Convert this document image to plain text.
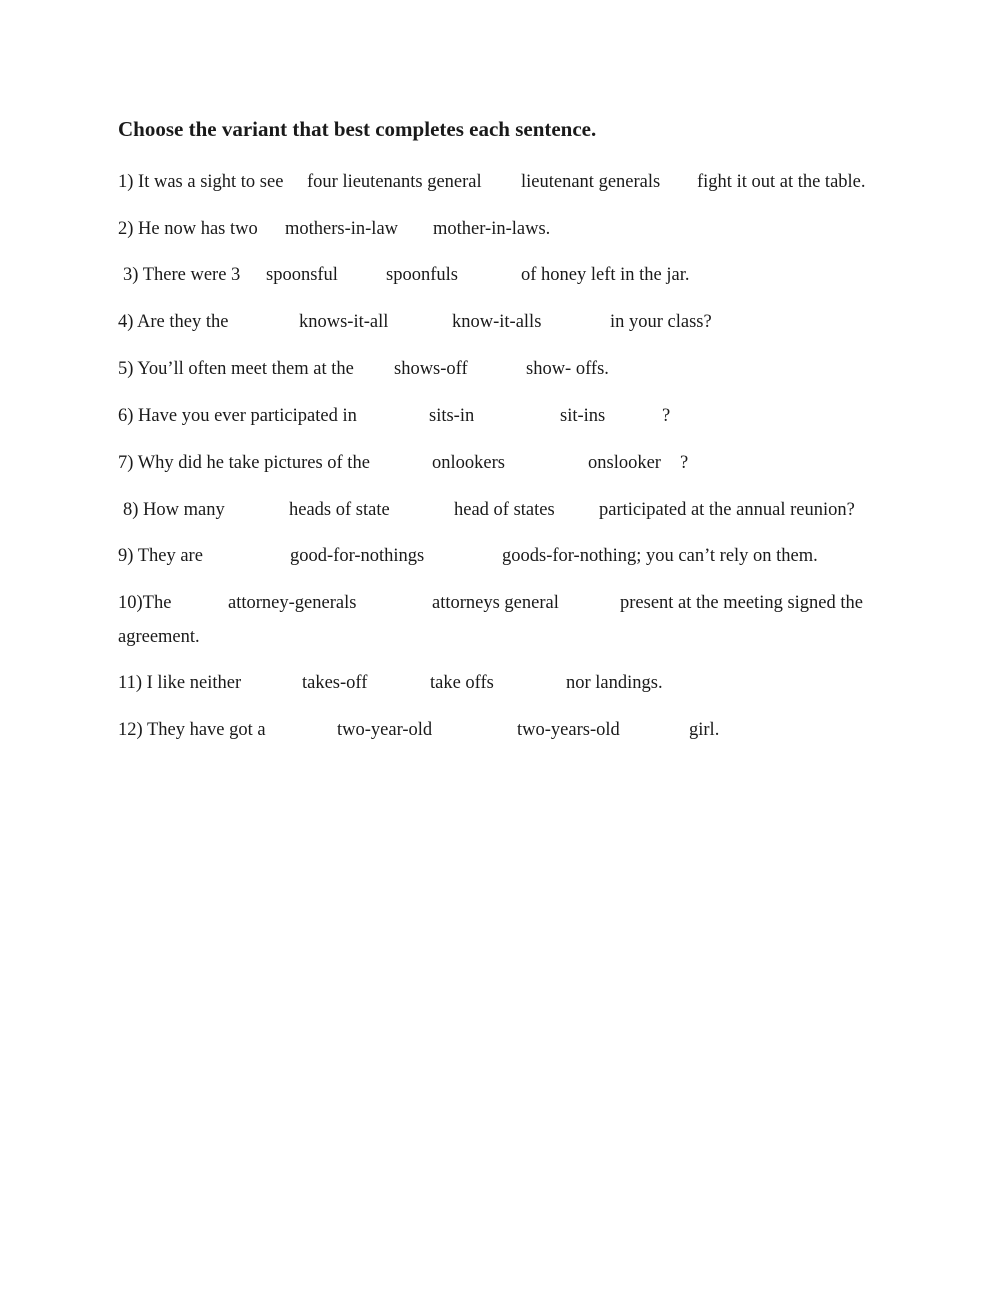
Choose the variant that best completes each sentence.
1) It was a sight to see four lieutenants general lieutenant generals fight it out at the table.
2) He now has two mothers-in-law mother-in-laws.
3) There were 3 spoonsful	spoonfuls	of honey left in the jar.
4) Are they the	knows-it-all	know-it-alls	in your class?
5) You’ll often meet them at the shows-off	show- offs.
6) Have you ever participated in	sits-in	sit-ins	?
7) Why did he take pictures of the	onlookers	onslooker ?
8) How many	heads of state	head of states participated at the annual reunion?
9) They are	good-for-nothings	goods-for-nothing; you can’t rely on them.
10)The	attorney-generals	attorneys general	present at the meeting signed the
agreement.
11) I like neither	takes-off	take offs	nor landings.
12) They have got a	two-year-old	two-years-old	girl.
